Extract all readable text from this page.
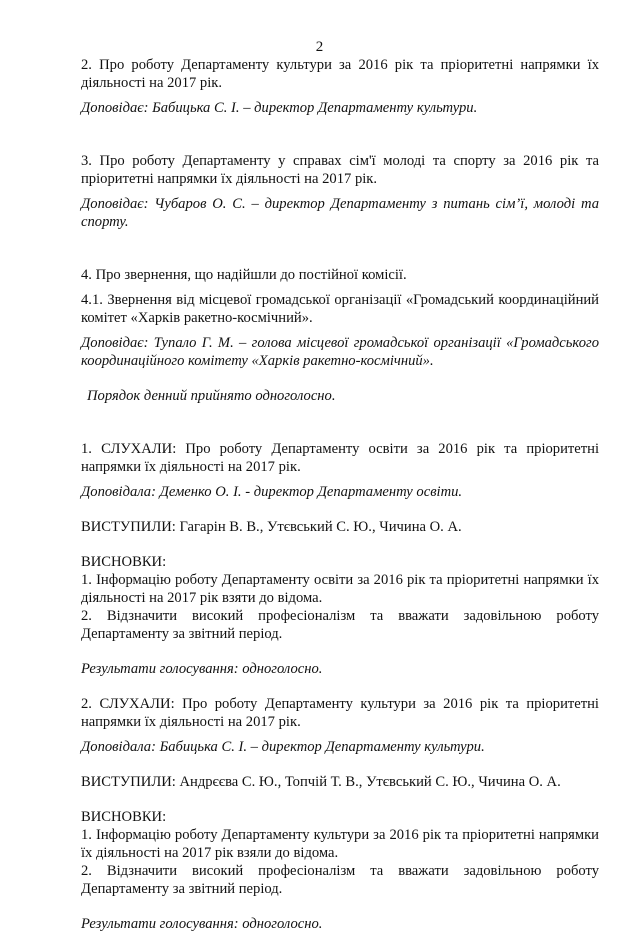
2

2. Про роботу Департаменту культури за 2016 рік та пріоритетні напрямки їх діяльності на 2017 рік.

Доповідає: Бабицька С. І. – директор Департаменту культури.

3. Про роботу Департаменту у справах сім'ї молоді та спорту за 2016 рік та пріоритетні напрямки їх діяльності на 2017 рік.

Доповідає: Чубаров О. С. – директор Департаменту з питань сім’ї, молоді та спорту.

4. Про звернення, що надійшли до постійної комісії.

4.1. Звернення від місцевої громадської організації «Громадський координаційний комітет «Харків ракетно-космічний».

Доповідає: Тупало Г. М. – голова місцевої громадської організації «Громадського координаційного комітету «Харків ракетно-космічний».

Порядок денний прийнято одноголосно.

1. СЛУХАЛИ: Про роботу Департаменту освіти за 2016 рік та пріоритетні напрямки їх діяльності на 2017 рік.

Доповідала: Деменко О. І. - директор Департаменту освіти.

ВИСТУПИЛИ: Гагарін В. В., Утєвський С. Ю., Чичина О. А.

ВИСНОВКИ:

1. Інформацію роботу Департаменту освіти за 2016 рік та пріоритетні напрямки їх діяльності на 2017 рік взяти до відома.

2. Відзначити високий професіоналізм та вважати задовільною роботу Департаменту за звітний період.

Результати голосування: одноголосно.

2. СЛУХАЛИ: Про роботу Департаменту культури за 2016 рік та пріоритетні напрямки їх діяльності на 2017 рік.

Доповідала: Бабицька С. І. – директор Департаменту культури.

ВИСТУПИЛИ: Андрєєва С. Ю., Топчій Т. В., Утєвський С. Ю., Чичина О. А.

ВИСНОВКИ:

1. Інформацію роботу Департаменту культури за 2016 рік та пріоритетні напрямки їх діяльності на 2017 рік взяли до відома.

2. Відзначити високий професіоналізм та вважати задовільною роботу Департаменту за звітний період.

Результати голосування: одноголосно.
